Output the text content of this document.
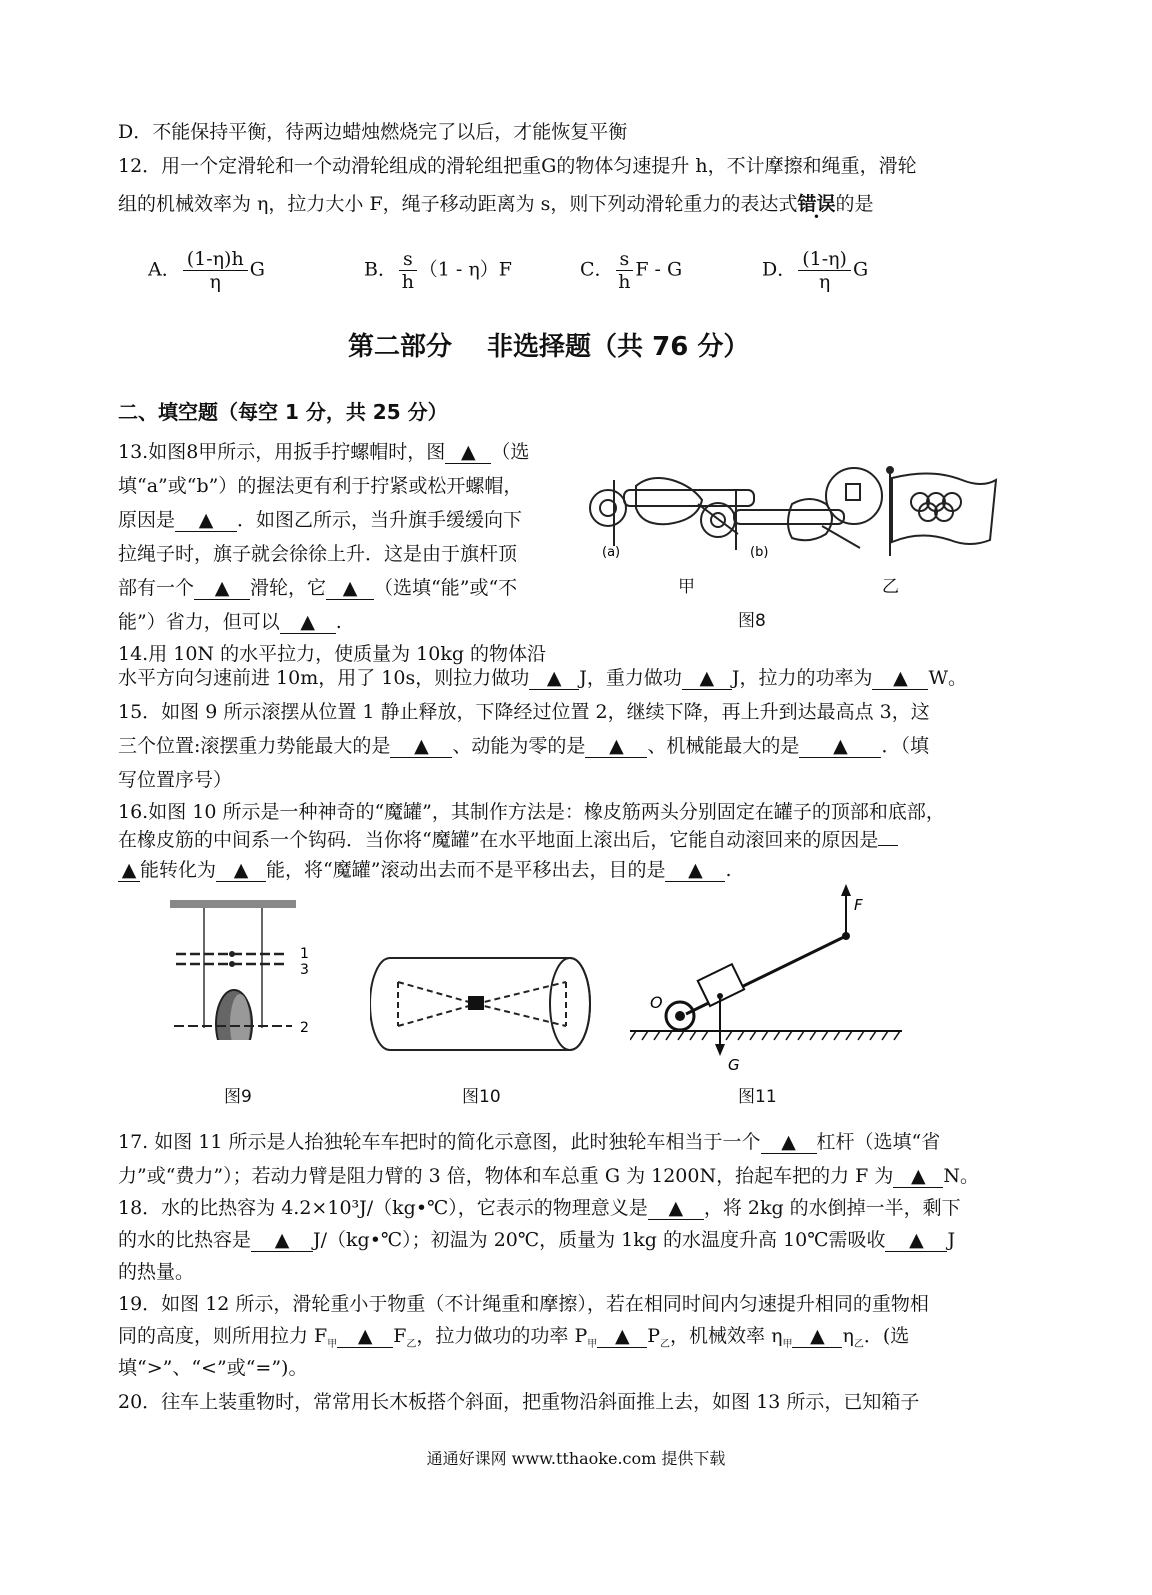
D．不能保持平衡，待两边蜡烛燃烧完了以后，才能恢复平衡
12．用一个定滑轮和一个动滑轮组成的滑轮组把重G的物体匀速提升 h，不计摩擦和绳重，滑轮
组的机械效率为 η，拉力大小 F，绳子移动距离为 s，则下列动滑轮重力的表达式错误的是
A． $\frac{(1-\eta)h}{\eta}$ G	B． $\frac{s}{h} (1 - \eta)F$	C． $\frac{s}{h}$ F - G	D． $\frac{(1-\eta)}{\eta}$ G
第二部分　 非选择题（共 76 分）
二、填空题（每空 1 分，共 25 分）
13.如图8甲所示，用扳手拧螺帽时，图 ▲ （选
填“a”或“b”）的握法更有利于拧紧或松开螺帽，
原因是 ▲ ．如图乙所示，当升旗手缓缓向下
拉绳子时，旗子就会徐徐上升．这是由于旗杆顶
部有一个 ▲ 滑轮，它 ▲ （选填“能”或“不
能”）省力，但可以 ▲ .
(a)	(b)
甲	乙
图8
14.用 10N 的水平拉力，使质量为 10kg 的物体沿
水平方向匀速前进 10m，用了 10s，则拉力做功 ▲ J，重力做功 ▲ J，拉力的功率为 ▲ W。
15．如图 9 所示滚摆从位置 1 静止释放，下降经过位置 2，继续下降，再上升到达最高点 3，这
三个位置:滚摆重力势能最大的是 ▲ 、动能为零的是 ▲ 、机械能最大的是 ▲ ．（填
写位置序号）
16.如图 10 所示是一种神奇的“魔罐”，其制作方法是：橡皮筋两头分别固定在罐子的顶部和底部，
在橡皮筋的中间系一个钩码．当你将“魔罐”在水平地面上滚出后，它能自动滚回来的原因是
▲ 能转化为 ▲ 能，将“魔罐”滚动出去而不是平移出去，目的是 ▲ .
1
3
2
图9	图10
F
O
G
图11
17. 如图 11 所示是人抬独轮车车把时的简化示意图，此时独轮车相当于一个 ▲ 杠杆（选填“省
力”或“费力”）；若动力臂是阻力臂的 3 倍，物体和车总重 G 为 1200N，抬起车把的力 F 为 ▲ N。
18．水的比热容为 4.2×10³J/（kg•℃），它表示的物理意义是 ▲ ，将 2kg 的水倒掉一半，剩下
的水的比热容是 ▲ J/（kg•℃）；初温为 20℃，质量为 1kg 的水温度升高 10℃需吸收 ▲ J
的热量。
19．如图 12 所示，滑轮重小于物重（不计绳重和摩擦），若在相同时间内匀速提升相同的重物相
同的高度，则所用拉力 $F_甲$ ▲ $F_乙$，拉力做功的功率 $P_甲$ ▲ $P_乙$，机械效率 $\eta_甲$ ▲ $\eta_乙$．(选
填“>”、“<”或“=”)。
20．往车上装重物时，常常用长木板搭个斜面，把重物沿斜面推上去，如图 13 所示，已知箱子
通通好课网 www.tthaoke.com 提供下载
